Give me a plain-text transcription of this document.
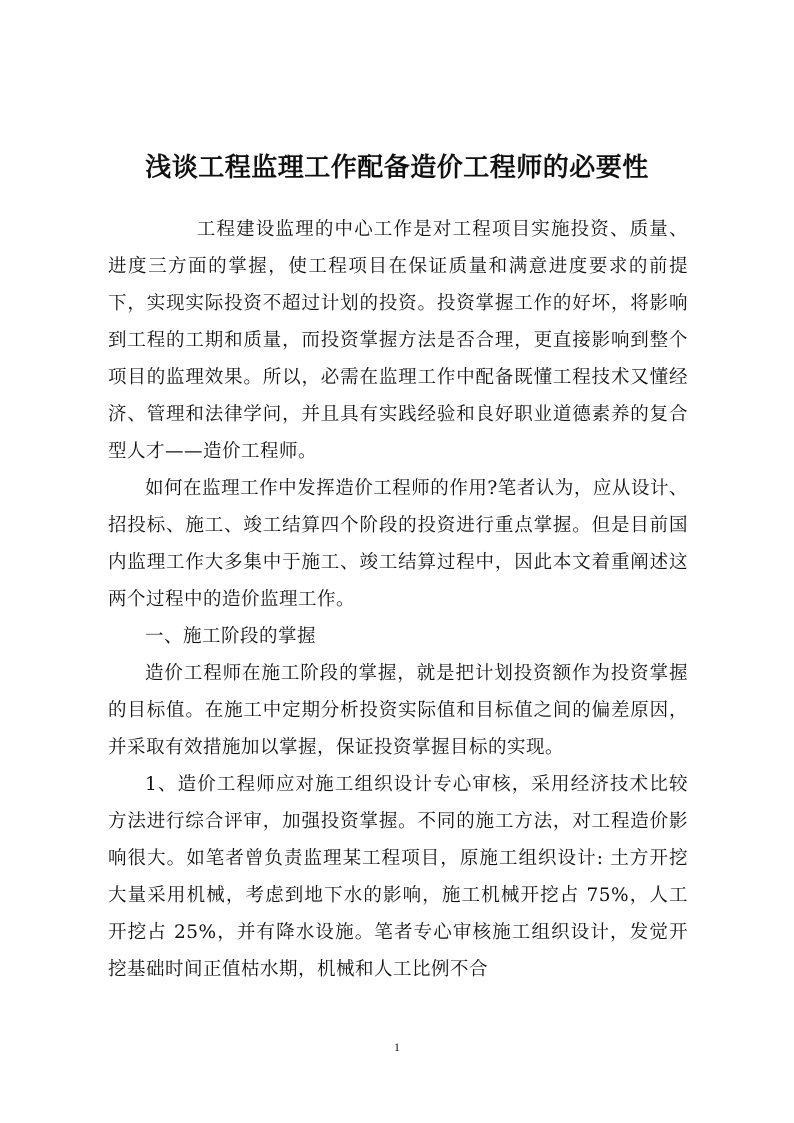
浅谈工程监理工作配备造价工程师的必要性

工程建设监理的中心工作是对工程项目实施投资、质量、进度三方面的掌握，使工程项目在保证质量和满意进度要求的前提下，实现实际投资不超过计划的投资。投资掌握工作的好坏，将影响到工程的工期和质量，而投资掌握方法是否合理，更直接影响到整个项目的监理效果。所以，必需在监理工作中配备既懂工程技术又懂经济、管理和法律学问，并且具有实践经验和良好职业道德素养的复合型人才——造价工程师。

如何在监理工作中发挥造价工程师的作用?笔者认为，应从设计、招投标、施工、竣工结算四个阶段的投资进行重点掌握。但是目前国内监理工作大多集中于施工、竣工结算过程中，因此本文着重阐述这两个过程中的造价监理工作。

一、施工阶段的掌握

造价工程师在施工阶段的掌握，就是把计划投资额作为投资掌握的目标值。在施工中定期分析投资实际值和目标值之间的偏差原因，并采取有效措施加以掌握，保证投资掌握目标的实现。

1、造价工程师应对施工组织设计专心审核，采用经济技术比较方法进行综合评审，加强投资掌握。不同的施工方法，对工程造价影响很大。如笔者曾负责监理某工程项目，原施工组织设计: 土方开挖大量采用机械，考虑到地下水的影响，施工机械开挖占 75%，人工开挖占 25%，并有降水设施。笔者专心审核施工组织设计，发觉开挖基础时间正值枯水期，机械和人工比例不合

1
